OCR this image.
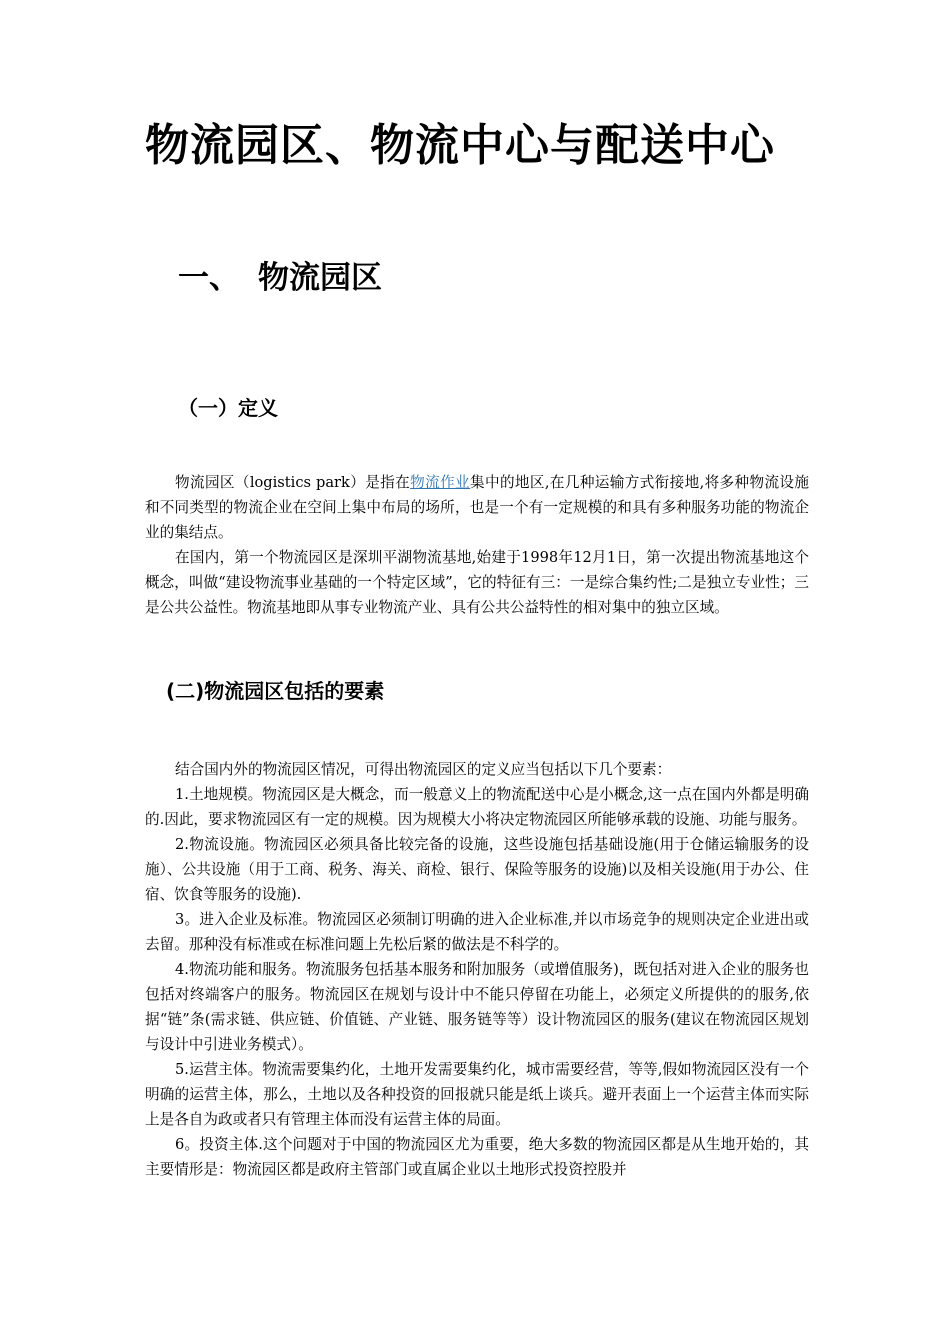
物流园区、物流中心与配送中心
一、 物流园区
（一）定义

物流园区（logistics park）是指在物流作业集中的地区,在几种运输方式衔接地,将多种物流设施和不同类型的物流企业在空间上集中布局的场所，也是一个有一定规模的和具有多种服务功能的物流企业的集结点。

在国内，第一个物流园区是深圳平湖物流基地,始建于1998年12月1日，第一次提出物流基地这个概念，叫做“建设物流事业基础的一个特定区域”，它的特征有三：一是综合集约性;二是独立专业性；三是公共公益性。物流基地即从事专业物流产业、具有公共公益特性的相对集中的独立区域。

(二)物流园区包括的要素

结合国内外的物流园区情况，可得出物流园区的定义应当包括以下几个要素：

1.土地规模。物流园区是大概念，而一般意义上的物流配送中心是小概念,这一点在国内外都是明确的.因此，要求物流园区有一定的规模。因为规模大小将决定物流园区所能够承载的设施、功能与服务。

2.物流设施。物流园区必须具备比较完备的设施，这些设施包括基础设施(用于仓储运输服务的设施）、公共设施（用于工商、税务、海关、商检、银行、保险等服务的设施)以及相关设施(用于办公、住宿、饮食等服务的设施).

3。进入企业及标准。物流园区必须制订明确的进入企业标准,并以市场竞争的规则决定企业进出或去留。那种没有标准或在标准问题上先松后紧的做法是不科学的。

4.物流功能和服务。物流服务包括基本服务和附加服务（或增值服务)，既包括对进入企业的服务也包括对终端客户的服务。物流园区在规划与设计中不能只停留在功能上，必须定义所提供的的服务,依据“链”条(需求链、供应链、价值链、产业链、服务链等等）设计物流园区的服务(建议在物流园区规划与设计中引进业务模式）。

5.运营主体。物流需要集约化，土地开发需要集约化，城市需要经营，等等,假如物流园区没有一个明确的运营主体，那么，土地以及各种投资的回报就只能是纸上谈兵。避开表面上一个运营主体而实际上是各自为政或者只有管理主体而没有运营主体的局面。

6。投资主体.这个问题对于中国的物流园区尤为重要，绝大多数的物流园区都是从生地开始的，其主要情形是：物流园区都是政府主管部门或直属企业以土地形式投资控股并
